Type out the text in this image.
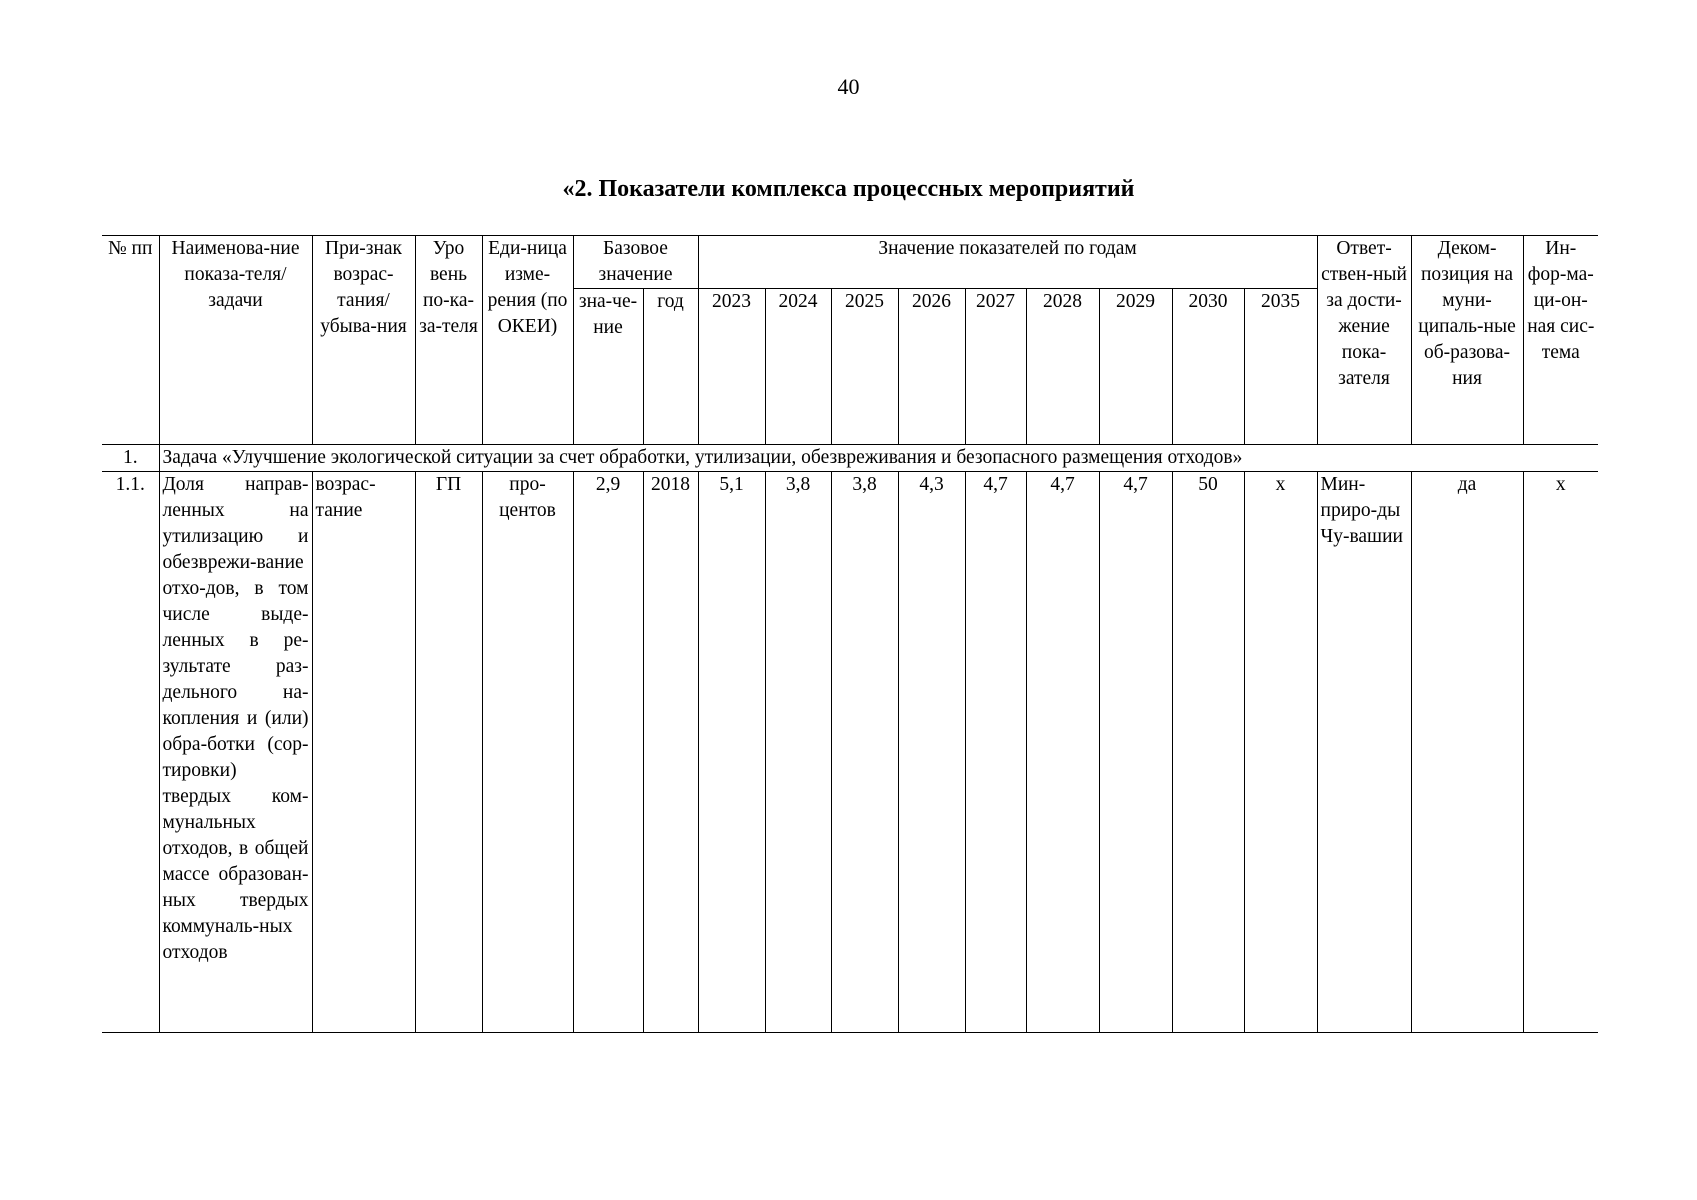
40
«2. Показатели комплекса процессных мероприятий
№ пп	Наименова-ние показа-теля/задачи	При-знак возрас-тания/ убыва-ния	Уро вень по-ка-за-теля	Еди-ница изме-рения (по ОКЕИ)	Базовое значение		Значение показателей по годам									Ответ-ствен-ный за дости-жение пока-зателя	Деком-позиция на муни-ципаль-ные об-разова-ния	Ин-фор-ма-ци-он-ная сис-тема
					зна-че-ние	год	2023	2024	2025	2026	2027	2028	2029	2030	2035			
1.	Задача «Улучшение экологической ситуации за счет обработки, утилизации, обезвреживания и безопасного размещения отходов»																	
1.1.	Доля направ-ленных на утилизацию и обезврежи-вание отхо-дов, в том числе выде-ленных в ре-зультате раз-дельного на-копления и (или) обра-ботки (сор-тировки) твердых ком-мунальных отходов, в общей массе образован-ных твердых коммуналь-ных отходов	возрас-тание	ГП	про-центов	2,9	2018	5,1	3,8	3,8	4,3	4,7	4,7	4,7	50	х	Мин-приро-ды Чу-вашии	да	х
